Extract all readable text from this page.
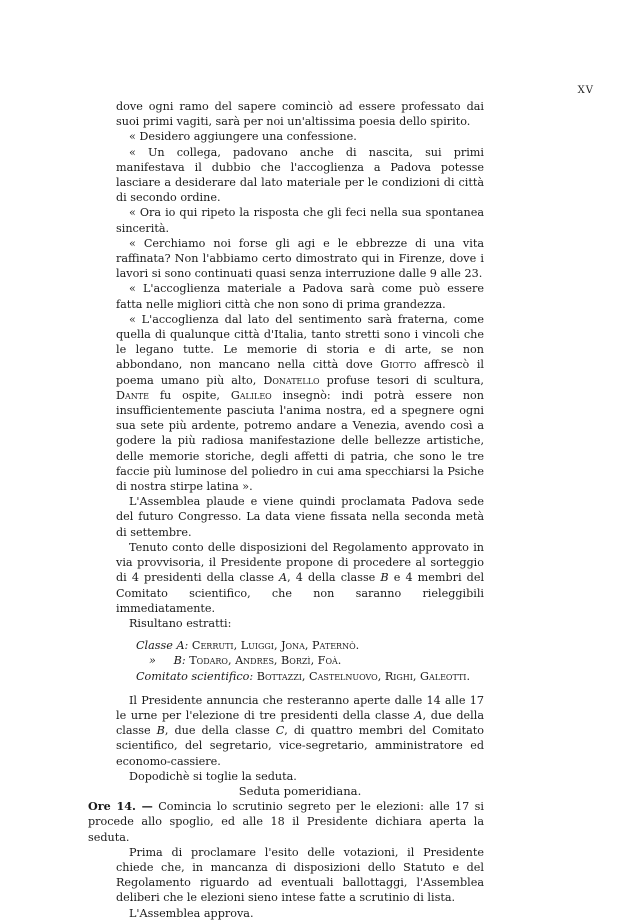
XV

dove ogni ramo del sapere cominciò ad essere professato dai suoi primi vagiti, sarà per noi un'altissima poesia dello spirito.

« Desidero aggiungere una confessione.

« Un collega, padovano anche di nascita, sui primi manifestava il dubbio che l'accoglienza a Padova potesse lasciare a desiderare dal lato materiale per le condizioni di città di secondo ordine.

« Ora io qui ripeto la risposta che gli feci nella sua spontanea sincerità.

« Cerchiamo noi forse gli agi e le ebbrezze di una vita raffinata? Non l'abbiamo certo dimostrato qui in Firenze, dove i lavori si sono continuati quasi senza interruzione dalle 9 alle 23.

« L'accoglienza materiale a Padova sarà come può essere fatta nelle migliori città che non sono di prima grandezza.

« L'accoglienza dal lato del sentimento sarà fraterna, come quella di qualunque città d'Italia, tanto stretti sono i vincoli che le legano tutte. Le memorie di storia e di arte, se non abbondano, non mancano nella città dove Giotto affrescò il poema umano più alto, Donatello profuse tesori di scultura, Dante fu ospite, Galileo insegnò: indi potrà essere non insufficientemente pasciuta l'anima nostra, ed a spegnere ogni sua sete più ardente, potremo andare a Venezia, avendo così a godere la più radiosa manifestazione delle bellezze artistiche, delle memorie storiche, degli affetti di patria, che sono le tre faccie più luminose del poliedro in cui ama specchiarsi la Psiche di nostra stirpe latina ».

L'Assemblea plaude e viene quindi proclamata Padova sede del futuro Congresso. La data viene fissata nella seconda metà di settembre.

Tenuto conto delle disposizioni del Regolamento approvato in via provvisoria, il Presidente propone di procedere al sorteggio di 4 presidenti della classe A, 4 della classe B e 4 membri del Comitato scientifico, che non saranno rieleggibili immediatamente.

Risultano estratti:

Classe A: Cerruti, Luiggi, Jona, Paternò.
»     B: Todaro, Andres, Borzì, Foà.
Comitato scientifico: Bottazzi, Castelnuovo, Righi, Galeotti.

Il Presidente annuncia che resteranno aperte dalle 14 alle 17 le urne per l'elezione di tre presidenti della classe A, due della classe B, due della classe C, di quattro membri del Comitato scientifico, del segretario, vice-segretario, amministratore ed economo-cassiere.

Dopodichè si toglie la seduta.

Seduta pomeridiana.

Ore 14. — Comincia lo scrutinio segreto per le elezioni: alle 17 si procede allo spoglio, ed alle 18 il Presidente dichiara aperta la seduta.

Prima di proclamare l'esito delle votazioni, il Presidente chiede che, in mancanza di disposizioni dello Statuto e del Regolamento riguardo ad eventuali ballottaggi, l'Assemblea deliberi che le elezioni sieno intese fatte a scrutinio di lista.

L'Assemblea approva.
